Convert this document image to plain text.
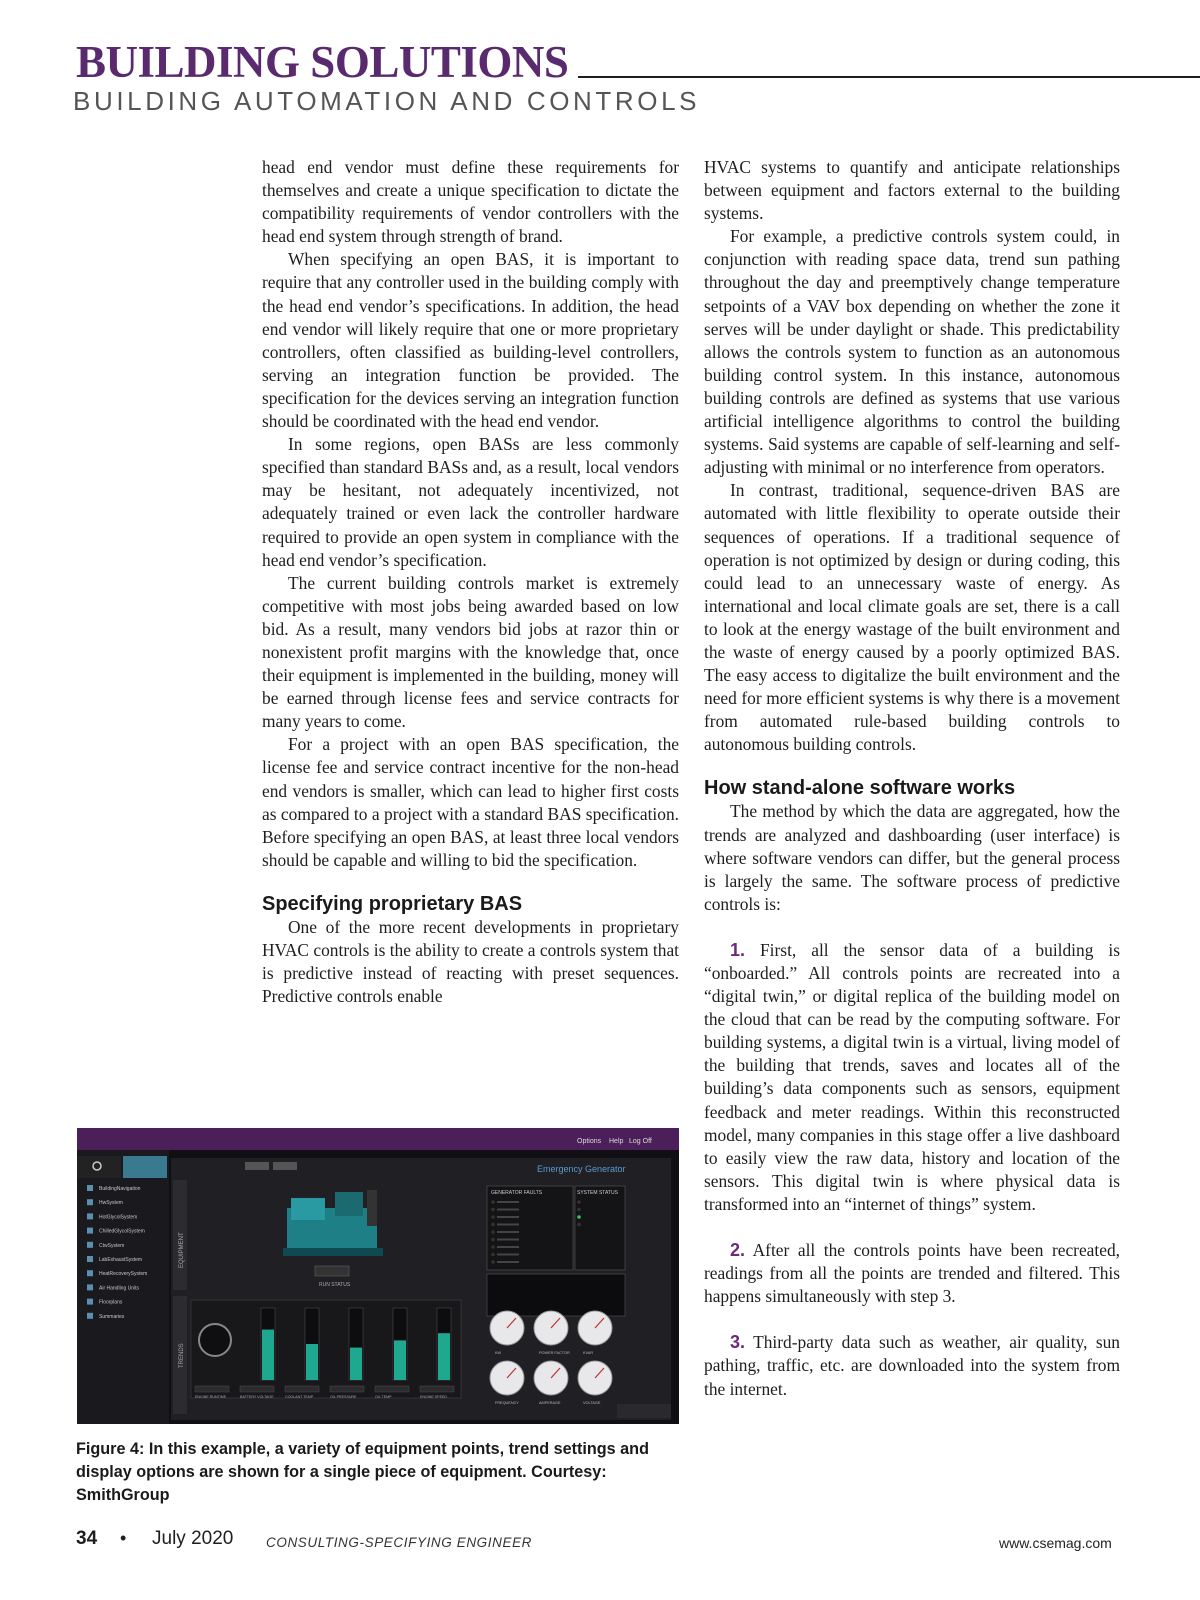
BUILDING SOLUTIONS
BUILDING AUTOMATION AND CONTROLS

head end vendor must define these requirements for themselves and create a unique specification to dictate the compatibility requirements of vendor controllers with the head end system through strength of brand.

When specifying an open BAS, it is important to require that any controller used in the building comply with the head end vendor’s specifications. In addition, the head end vendor will likely require that one or more proprietary controllers, often classified as building-level controllers, serving an integration function be provided. The specification for the devices serving an integration function should be coordinated with the head end vendor.

In some regions, open BASs are less commonly specified than standard BASs and, as a result, local vendors may be hesitant, not adequately incentivized, not adequately trained or even lack the controller hardware required to provide an open system in compliance with the head end vendor’s specification.

The current building controls market is extremely competitive with most jobs being awarded based on low bid. As a result, many vendors bid jobs at razor thin or nonexistent profit margins with the knowledge that, once their equipment is implemented in the building, money will be earned through license fees and service contracts for many years to come.

For a project with an open BAS specification, the license fee and service contract incentive for the non-head end vendors is smaller, which can lead to higher first costs as compared to a project with a standard BAS specification. Before specifying an open BAS, at least three local vendors should be capable and willing to bid the specification.

Specifying proprietary BAS

One of the more recent developments in proprietary HVAC controls is the ability to create a controls system that is predictive instead of reacting with preset sequences. Predictive controls enable

HVAC systems to quantify and anticipate relationships between equipment and factors external to the building systems.

For example, a predictive controls system could, in conjunction with reading space data, trend sun pathing throughout the day and preemptively change temperature setpoints of a VAV box depending on whether the zone it serves will be under daylight or shade. This predictability allows the controls system to function as an autonomous building control system. In this instance, autonomous building controls are defined as systems that use various artificial intelligence algorithms to control the building systems. Said systems are capable of self-learning and self-adjusting with minimal or no interference from operators.

In contrast, traditional, sequence-driven BAS are automated with little flexibility to operate outside their sequences of operations. If a traditional sequence of operation is not optimized by design or during coding, this could lead to an unnecessary waste of energy. As international and local climate goals are set, there is a call to look at the energy wastage of the built environment and the waste of energy caused by a poorly optimized BAS. The easy access to digitalize the built environment and the need for more efficient systems is why there is a movement from automated rule-based building controls to autonomous building controls.

How stand-alone software works

The method by which the data are aggregated, how the trends are analyzed and dashboarding (user interface) is where software vendors can differ, but the general process is largely the same. The software process of predictive controls is:

1. First, all the sensor data of a building is “onboarded.” All controls points are recreated into a “digital twin,” or digital replica of the building model on the cloud that can be read by the computing software. For building systems, a digital twin is a virtual, living model of the building that trends, saves and locates all of the building’s data components such as sensors, equipment feedback and meter readings. Within this reconstructed model, many companies in this stage offer a live dashboard to easily view the raw data, history and location of the sensors. This digital twin is where physical data is transformed into an “internet of things” system.

2. After all the controls points have been recreated, readings from all the points are trended and filtered. This happens simultaneously with step 3.

3. Third-party data such as weather, air quality, sun pathing, traffic, etc. are downloaded into the system from the internet.

Options Help Log Off
BuildingNavigation
HwSystem
HotGlycolSystem
ChilledGlycolSystem
CtwSystem
LabExhaustSystem
HeatRecoverySystem
Air Handling Units
Floorplans
Summaries
Emergency Generator
EQUIPMENT
TRENDS
RUN STATUS
GENERATOR FAULTS	SYSTEM STATUS
ENGINE RUNTIME	BATTERY VOLTAGE	COOLANT TEMP	OIL PRESSURE	OIL TEMP	ENGINE SPEED
KW	POWER FACTOR	KVAR
FREQUENCY	AMPERAGE	VOLTAGE
Figure 4: In this example, a variety of equipment points, trend settings and display options are shown for a single piece of equipment. Courtesy: SmithGroup
34 • July 2020 CONSULTING-SPECIFYING ENGINEER	www.csemag.com
